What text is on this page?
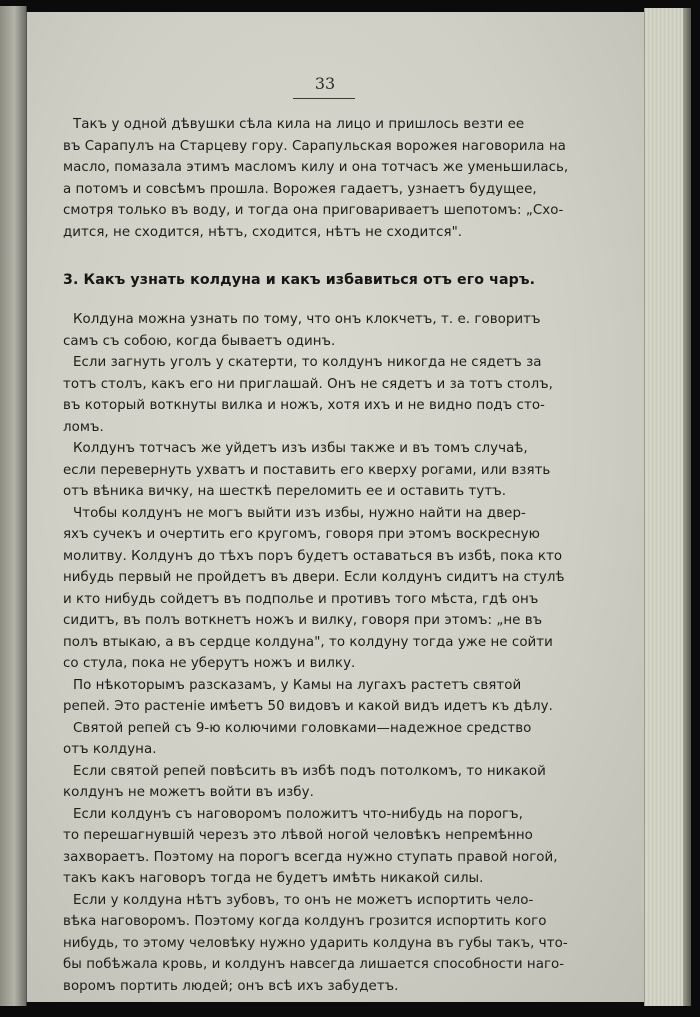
33

Такъ у одной дѣвушки сѣла кила на лицо и пришлось везти ее

въ Сарапулъ на Старцеву гору. Сарапульская ворожея наговорила на

масло, помазала этимъ масломъ килу и она тотчасъ же уменьшилась,

а потомъ и совсѣмъ прошла. Ворожея гадаетъ, узнаетъ будущее,

смотря только въ воду, и тогда она приговариваетъ шепотомъ: „Схо-

дится, не сходится, нѣтъ, сходится, нѣтъ не сходится".

3. Какъ узнать колдуна и какъ избавиться отъ его чаръ.

Колдуна можна узнать по тому, что онъ клокчетъ, т. е. говоритъ

самъ съ собою, когда бываетъ одинъ.

Если загнуть уголъ у скатерти, то колдунъ никогда не сядетъ за

тотъ столъ, какъ его ни приглашай. Онъ не сядетъ и за тотъ столъ,

въ который воткнуты вилка и ножъ, хотя ихъ и не видно подъ сто-

ломъ.

Колдунъ тотчасъ же уйдетъ изъ избы также и въ томъ случаѣ,

если перевернуть ухватъ и поставить его кверху рогами, или взять

отъ вѣника вичку, на шесткѣ переломить ее и оставить тутъ.

Чтобы колдунъ не могъ выйти изъ избы, нужно найти на двер-

яхъ сучекъ и очертить его кругомъ, говоря при этомъ воскресную

молитву. Колдунъ до тѣхъ поръ будетъ оставаться въ избѣ, пока кто

нибудь первый не пройдетъ въ двери. Если колдунъ сидитъ на стулѣ

и кто нибудь сойдетъ въ подполье и противъ того мѣста, гдѣ онъ

сидитъ, въ полъ воткнетъ ножъ и вилку, говоря при этомъ: „не въ

полъ втыкаю, а въ сердце колдуна", то колдуну тогда уже не сойти

со стула, пока не уберутъ ножъ и вилку.

По нѣкоторымъ разсказамъ, у Камы на лугахъ растетъ святой

репей. Это растеніе имѣетъ 50 видовъ и какой видъ идетъ къ дѣлу.

Святой репей съ 9-ю колючими головками—надежное средство

отъ колдуна.

Если святой репей повѣсить въ избѣ подъ потолкомъ, то никакой

колдунъ не можетъ войти въ избу.

Если колдунъ съ наговоромъ положитъ что-нибудь на порогъ,

то перешагнувшій черезъ это лѣвой ногой человѣкъ непремѣнно

захвораетъ. Поэтому на порогъ всегда нужно ступать правой ногой,

такъ какъ наговоръ тогда не будетъ имѣть никакой силы.

Если у колдуна нѣтъ зубовъ, то онъ не можетъ испортить чело-

вѣка наговоромъ. Поэтому когда колдунъ грозится испортить кого

нибудь, то этому человѣку нужно ударить колдуна въ губы такъ, что-

бы побѣжала кровь, и колдунъ навсегда лишается способности наго-

воромъ портить людей; онъ всѣ ихъ забудетъ.
